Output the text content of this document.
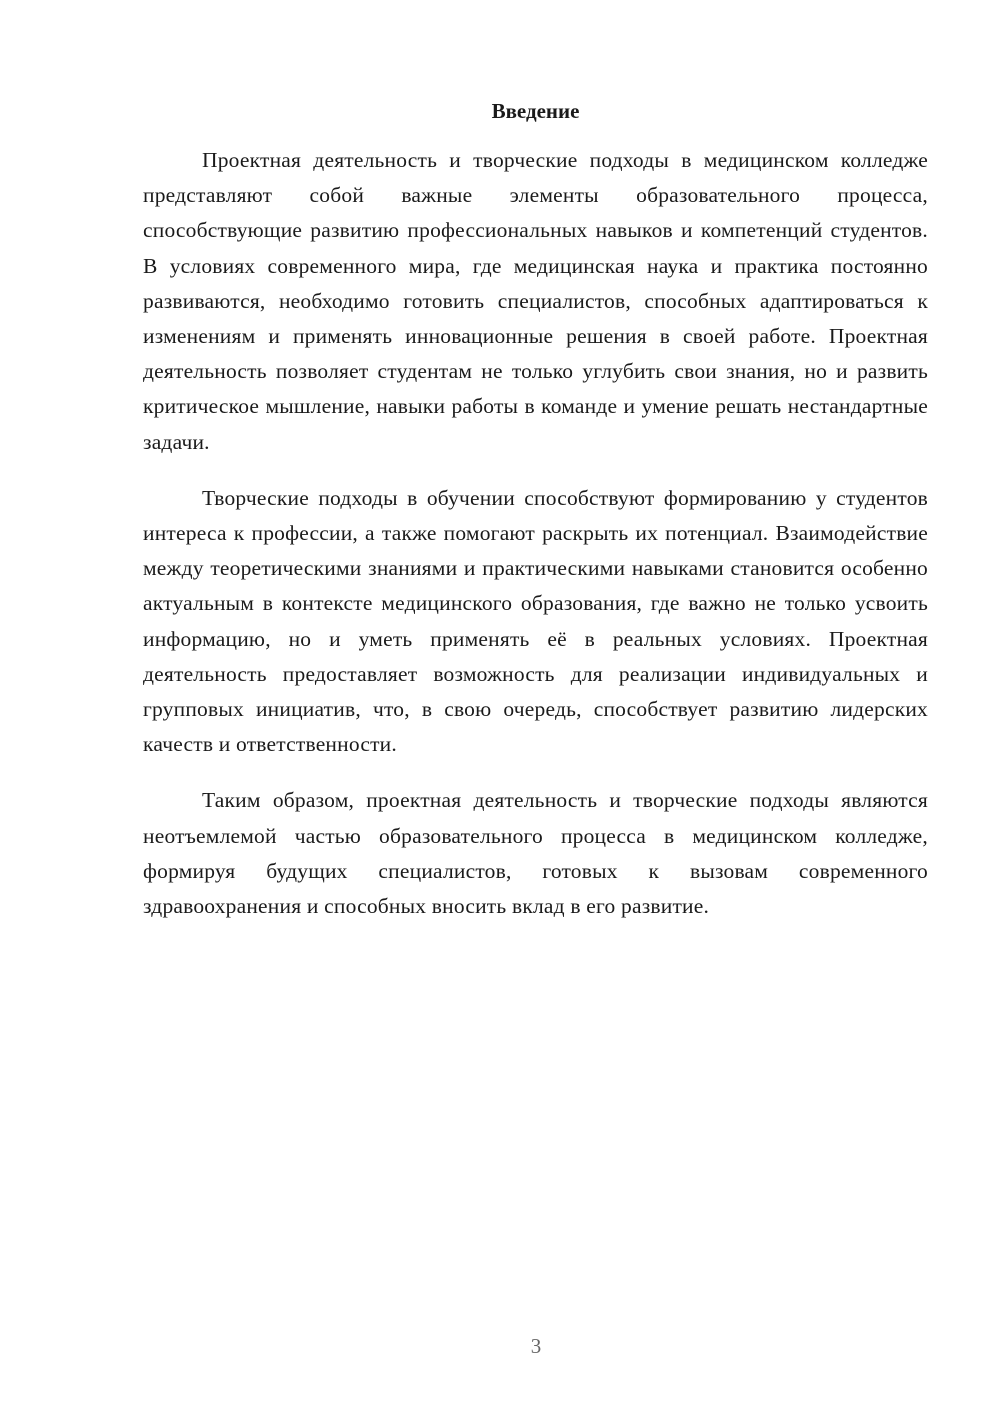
Введение

Проектная деятельность и творческие подходы в медицинском колледже представляют собой важные элементы образовательного процесса, способствующие развитию профессиональных навыков и компетенций студентов. В условиях современного мира, где медицинская наука и практика постоянно развиваются, необходимо готовить специалистов, способных адаптироваться к изменениям и применять инновационные решения в своей работе. Проектная деятельность позволяет студентам не только углубить свои знания, но и развить критическое мышление, навыки работы в команде и умение решать нестандартные задачи.

Творческие подходы в обучении способствуют формированию у студентов интереса к профессии, а также помогают раскрыть их потенциал. Взаимодействие между теоретическими знаниями и практическими навыками становится особенно актуальным в контексте медицинского образования, где важно не только усвоить информацию, но и уметь применять её в реальных условиях. Проектная деятельность предоставляет возможность для реализации индивидуальных и групповых инициатив, что, в свою очередь, способствует развитию лидерских качеств и ответственности.

Таким образом, проектная деятельность и творческие подходы являются неотъемлемой частью образовательного процесса в медицинском колледже, формируя будущих специалистов, готовых к вызовам современного здравоохранения и способных вносить вклад в его развитие.

3
